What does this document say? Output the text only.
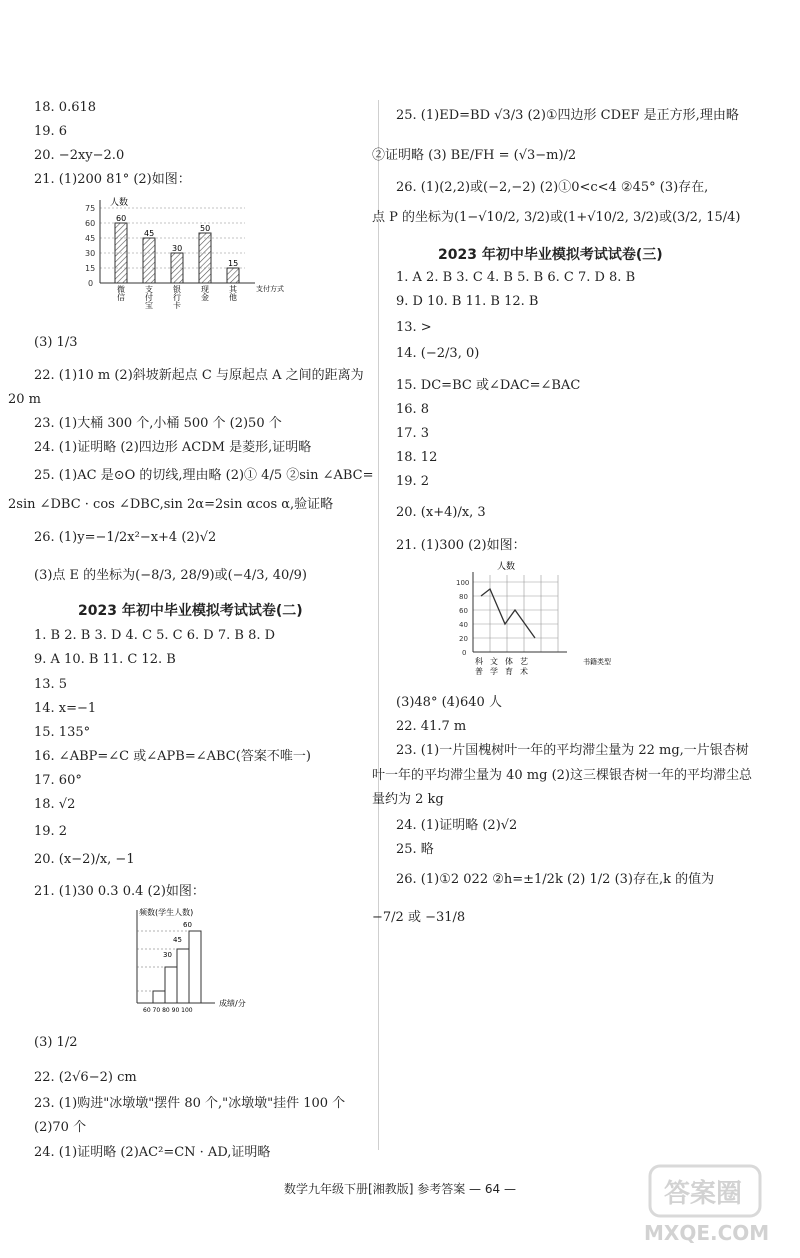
18. 0.618
19. 6
20. −2xy−2.0
21. (1)200 81° (2)如图：
人数
75
60
45
30
15
0
60
45
30
50
15
微
信
支
付
宝
银
行
卡
现
金
其
他
支付方式
(3) 1/3
22. (1)10 m (2)斜坡新起点 C 与原起点 A 之间的距离为
20 m
23. (1)大桶 300 个,小桶 500 个 (2)50 个
24. (1)证明略 (2)四边形 ACDM 是菱形,证明略
25. (1)AC 是⊙O 的切线,理由略 (2)① 4/5 ②sin ∠ABC=
2sin ∠DBC · cos ∠DBC,sin 2α=2sin αcos α,验证略
26. (1)y=−1/2x²−x+4 (2)√2
(3)点 E 的坐标为(−8/3, 28/9)或(−4/3, 40/9)
2023 年初中毕业模拟考试试卷(二)
1. B 2. B 3. D 4. C 5. C 6. D 7. B 8. D
9. A 10. B 11. C 12. B
13. 5
14. x=−1
15. 135°
16. ∠ABP=∠C 或∠APB=∠ABC(答案不唯一)
17. 60°
18. √2
19. 2
20. (x−2)/x, −1
21. (1)30 0.3 0.4 (2)如图：
频数(学生人数)
30
45
60
60 70 80 90 100
成绩/分
(3) 1/2
22. (2√6−2) cm
23. (1)购进"冰墩墩"摆件 80 个,"冰墩墩"挂件 100 个
(2)70 个
24. (1)证明略 (2)AC²=CN · AD,证明略
25. (1)ED=BD √3/3 (2)①四边形 CDEF 是正方形,理由略
②证明略 (3) BE/FH = (√3−m)/2
26. (1)(2,2)或(−2,−2) (2)①0<c<4 ②45° (3)存在,
点 P 的坐标为(1−√10/2, 3/2)或(1+√10/2, 3/2)或(3/2, 15/4)
2023 年初中毕业模拟考试试卷(三)
1. A 2. B 3. C 4. B 5. B 6. C 7. D 8. B
9. D 10. B 11. B 12. B
13. >
14. (−2/3, 0)
15. DC=BC 或∠DAC=∠BAC
16. 8
17. 3
18. 12
19. 2
20. (x+4)/x, 3
21. (1)300 (2)如图：
人数
100
80
60
40
20
0
科
普
文
学
体
育
艺
术
书籍类型
(3)48° (4)640 人
22. 41.7 m
23. (1)一片国槐树叶一年的平均滞尘量为 22 mg,一片银杏树
叶一年的平均滞尘量为 40 mg (2)这三棵银杏树一年的平均滞尘总
量约为 2 kg
24. (1)证明略 (2)√2
25. 略
26. (1)①2 022 ②h=±1/2k (2) 1/2 (3)存在,k 的值为
−7/2 或 −31/8
数学九年级下册[湘教版] 参考答案 — 64 —	答案圈
MXQE.COM
